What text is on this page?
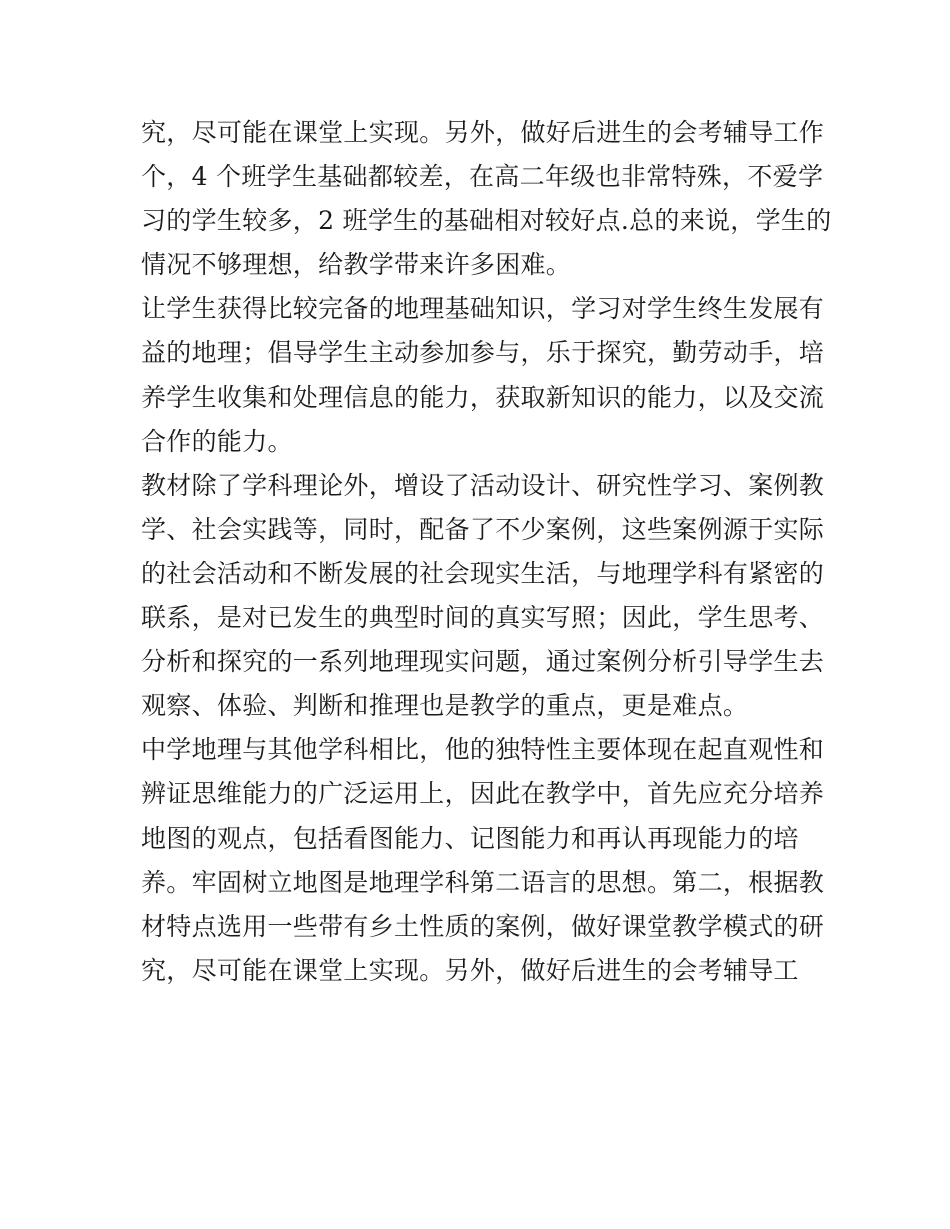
究，尽可能在课堂上实现。另外，做好后进生的会考辅导工作
个，4 个班学生基础都较差，在高二年级也非常特殊，不爱学
习的学生较多，2 班学生的基础相对较好点.总的来说，学生的
情况不够理想，给教学带来许多困难。
让学生获得比较完备的地理基础知识，学习对学生终生发展有
益的地理；倡导学生主动参加参与，乐于探究，勤劳动手，培
养学生收集和处理信息的能力，获取新知识的能力，以及交流
合作的能力。
教材除了学科理论外，增设了活动设计、研究性学习、案例教
学、社会实践等，同时，配备了不少案例，这些案例源于实际
的社会活动和不断发展的社会现实生活，与地理学科有紧密的
联系，是对已发生的典型时间的真实写照；因此，学生思考、
分析和探究的一系列地理现实问题，通过案例分析引导学生去
观察、体验、判断和推理也是教学的重点，更是难点。
中学地理与其他学科相比，他的独特性主要体现在起直观性和
辨证思维能力的广泛运用上，因此在教学中，首先应充分培养
地图的观点，包括看图能力、记图能力和再认再现能力的培
养。牢固树立地图是地理学科第二语言的思想。第二，根据教
材特点选用一些带有乡土性质的案例，做好课堂教学模式的研
究，尽可能在课堂上实现。另外，做好后进生的会考辅导工
